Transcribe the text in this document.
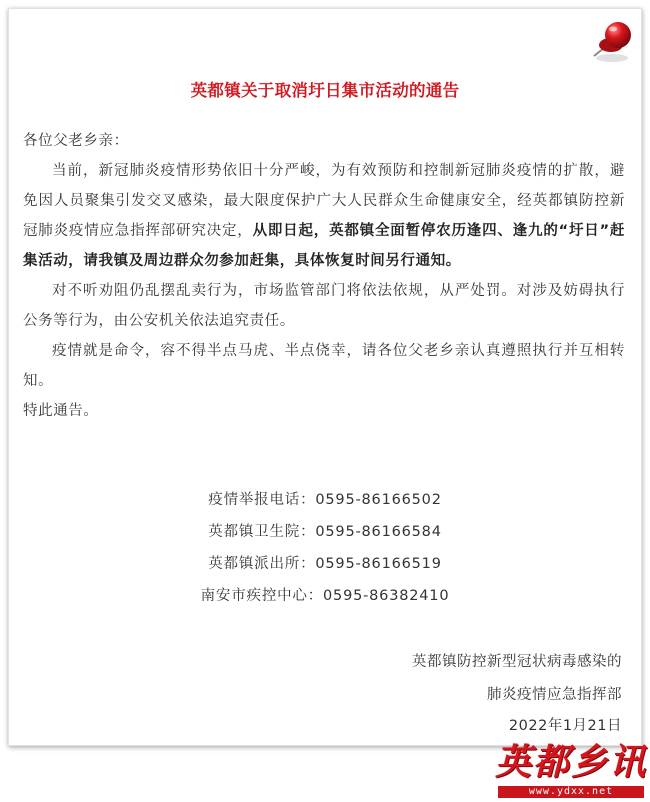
英都镇关于取消圩日集市活动的通告
各位父老乡亲：

当前，新冠肺炎疫情形势依旧十分严峻，为有效预防和控制新冠肺炎疫情的扩散，避免因人员聚集引发交叉感染，最大限度保护广大人民群众生命健康安全，经英都镇防控新冠肺炎疫情应急指挥部研究决定，从即日起，英都镇全面暂停农历逢四、逢九的“圩日”赶集活动，请我镇及周边群众勿参加赶集，具体恢复时间另行通知。

对不听劝阻仍乱摆乱卖行为，市场监管部门将依法依规，从严处罚。对涉及妨碍执行公务等行为，由公安机关依法追究责任。

疫情就是命令，容不得半点马虎、半点侥幸，请各位父老乡亲认真遵照执行并互相转知。

特此通告。
疫情举报电话：0595-86166502
英都镇卫生院：0595-86166584
英都镇派出所：0595-86166519
南安市疾控中心：0595-86382410
英都镇防控新型冠状病毒感染的
肺炎疫情应急指挥部
2022年1月21日
英都乡讯
www.ydxx.net
